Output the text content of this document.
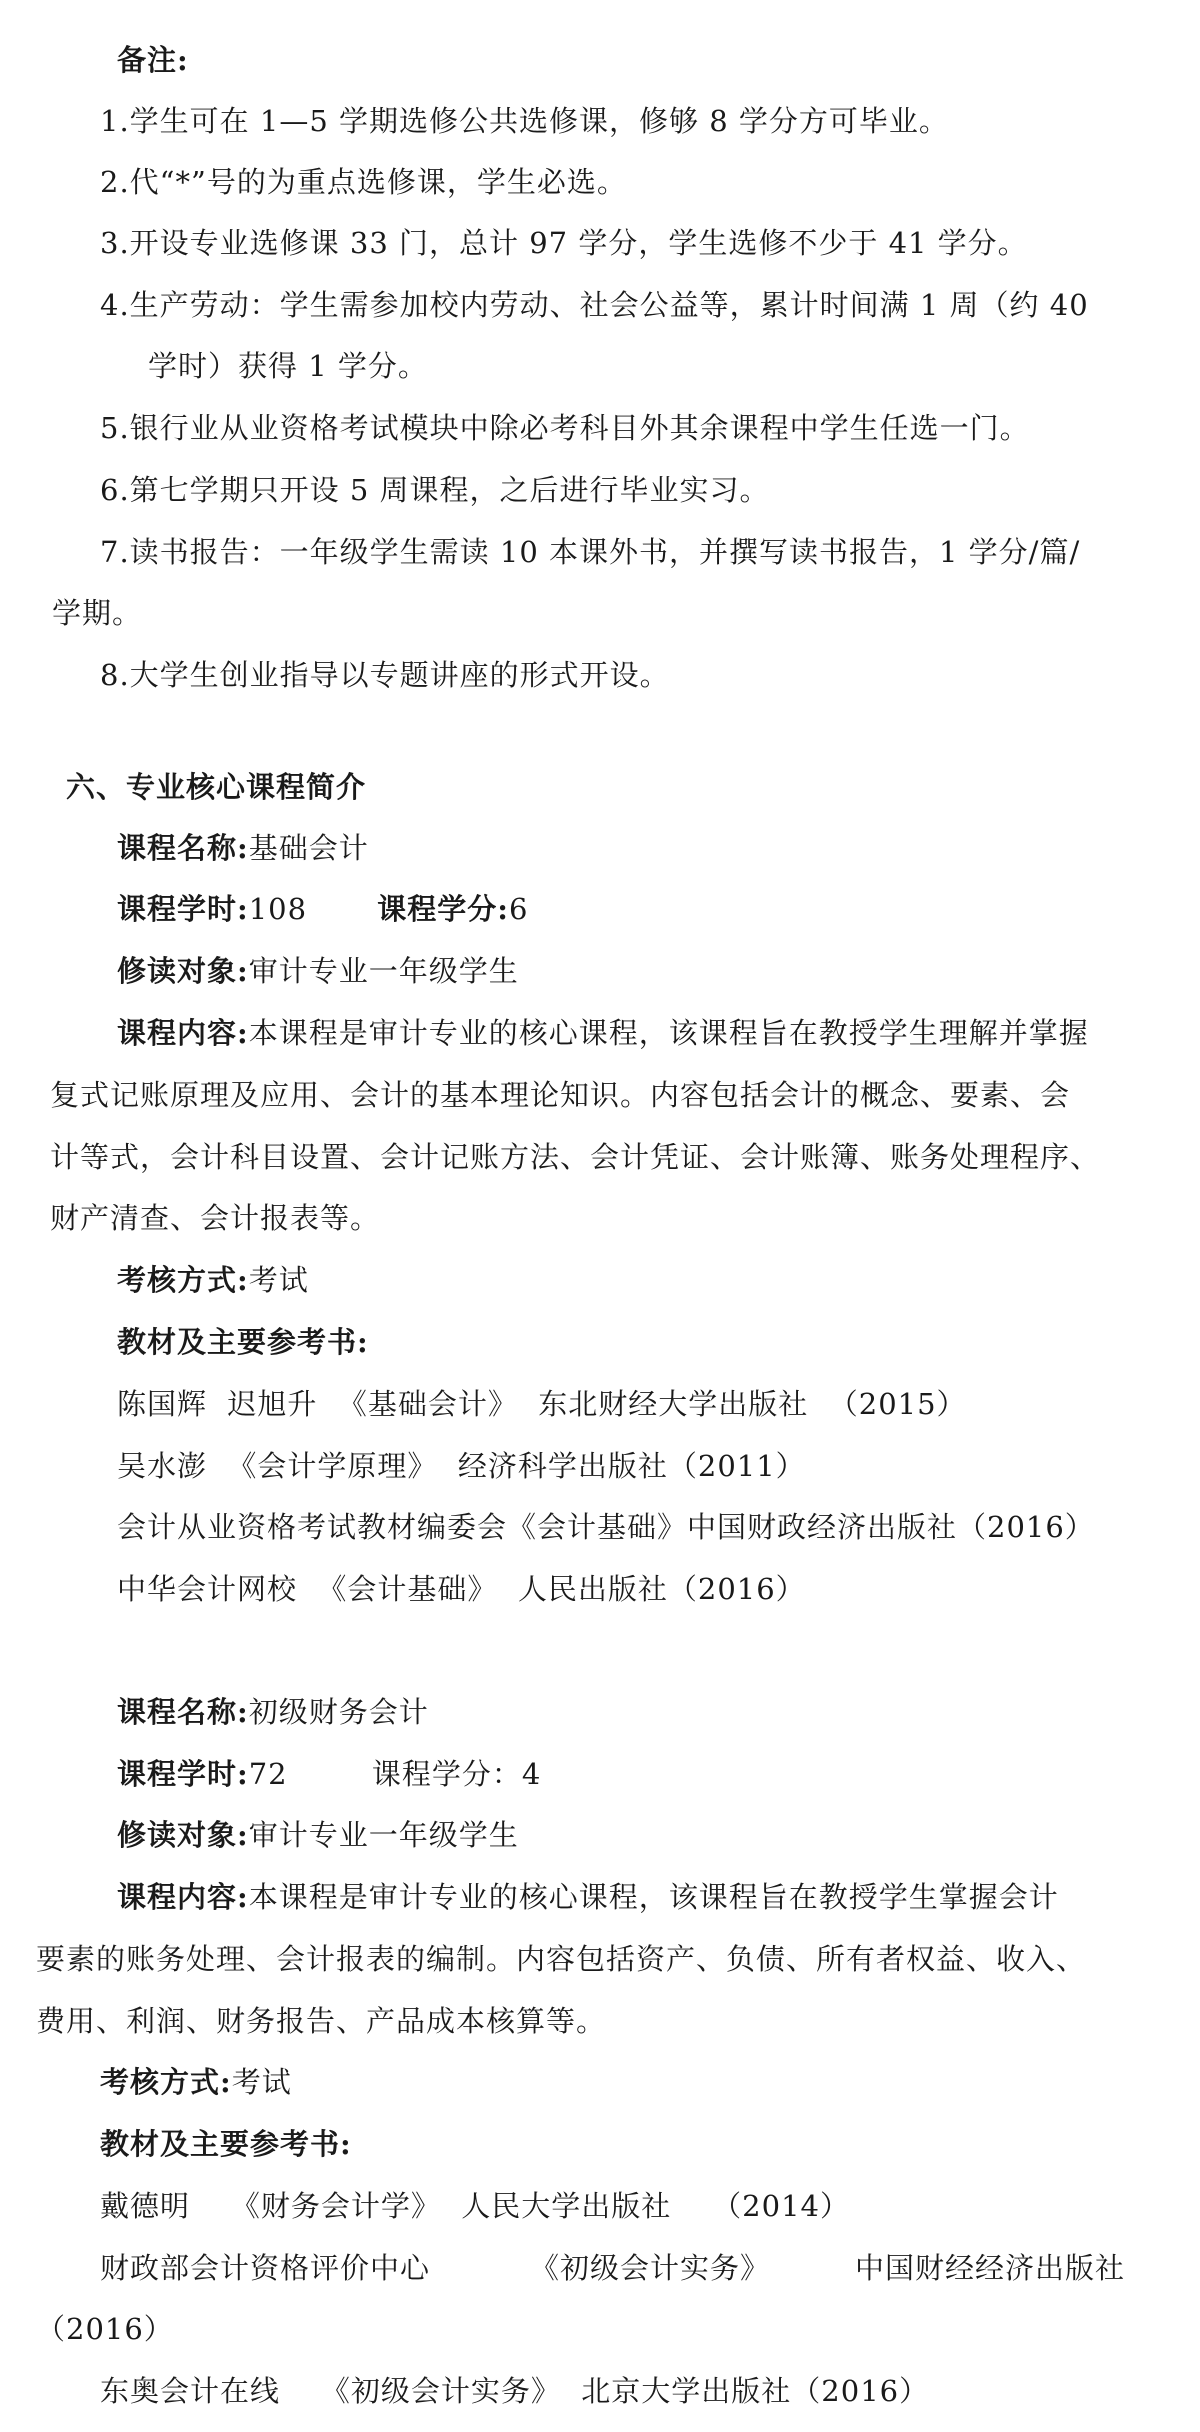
备注:
1.学生可在 1—5 学期选修公共选修课，修够 8 学分方可毕业。
2.代“*”号的为重点选修课，学生必选。
3.开设专业选修课 33 门，总计 97 学分，学生选修不少于 41 学分。
4.生产劳动：学生需参加校内劳动、社会公益等，累计时间满 1 周（约 40
学时）获得 1 学分。
5.银行业从业资格考试模块中除必考科目外其余课程中学生任选一门。
6.第七学期只开设 5 周课程，之后进行毕业实习。
7.读书报告：一年级学生需读 10 本课外书，并撰写读书报告，1 学分/篇/
学期。
8.大学生创业指导以专题讲座的形式开设。
六、专业核心课程简介
课程名称:基础会计
课程学时:108 课程学分:6
修读对象:审计专业一年级学生
课程内容:本课程是审计专业的核心课程，该课程旨在教授学生理解并掌握
复式记账原理及应用、会计的基本理论知识。内容包括会计的概念、要素、会
计等式，会计科目设置、会计记账方法、会计凭证、会计账簿、账务处理程序、
财产清查、会计报表等。
考核方式:考试
教材及主要参考书:
陈国辉  迟旭升  《基础会计》  东北财经大学出版社  （2015）
吴水澎  《会计学原理》  经济科学出版社（2011）
会计从业资格考试教材编委会《会计基础》中国财政经济出版社（2016）
中华会计网校  《会计基础》  人民出版社（2016）
课程名称:初级财务会计
课程学时:72	课程学分：4
修读对象:审计专业一年级学生
课程内容:本课程是审计专业的核心课程，该课程旨在教授学生掌握会计
要素的账务处理、会计报表的编制。内容包括资产、负债、所有者权益、收入、
费用、利润、财务报告、产品成本核算等。
考核方式:考试
教材及主要参考书:
戴德明    《财务会计学》  人民大学出版社    （2014）
财政部会计资格评价中心	《初级会计实务》	中国财经经济出版社
（2016）
东奥会计在线    《初级会计实务》  北京大学出版社（2016）
